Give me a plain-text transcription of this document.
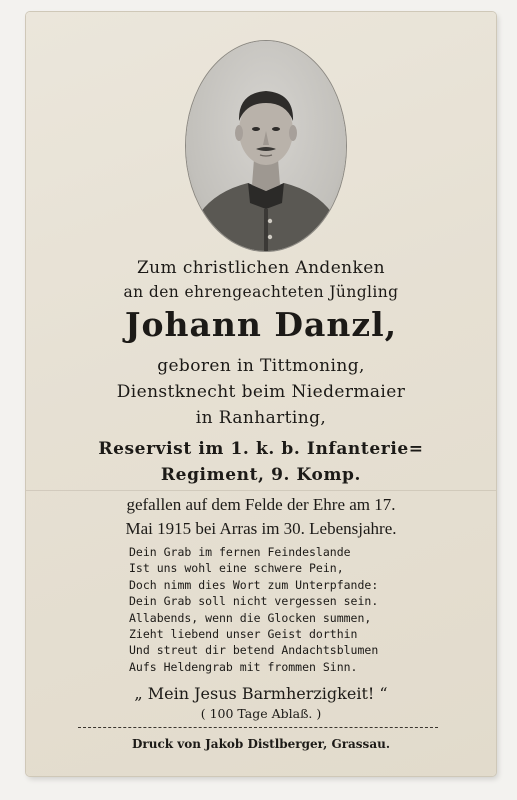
Zum christlichen Andenken
an den ehrengeachteten Jüngling
Johann Danzl,
geboren in Tittmoning,
Dienstknecht beim Niedermaier
in Ranharting,
Reservist im 1. k. b. Infanterie=
Regiment, 9. Komp.
gefallen auf dem Felde der Ehre am 17.
Mai 1915 bei Arras im 30. Lebensjahre.
Dein Grab im fernen Feindeslande
Ist uns wohl eine schwere Pein,
Doch nimm dies Wort zum Unterpfande:
Dein Grab soll nicht vergessen sein.
Allabends, wenn die Glocken summen,
Zieht liebend unser Geist dorthin
Und streut dir betend Andachtsblumen
Aufs Heldengrab mit frommen Sinn.
„ Mein Jesus Barmherzigkeit! “
( 100 Tage Ablaß. )
Druck von Jakob Distlberger, Grassau.
